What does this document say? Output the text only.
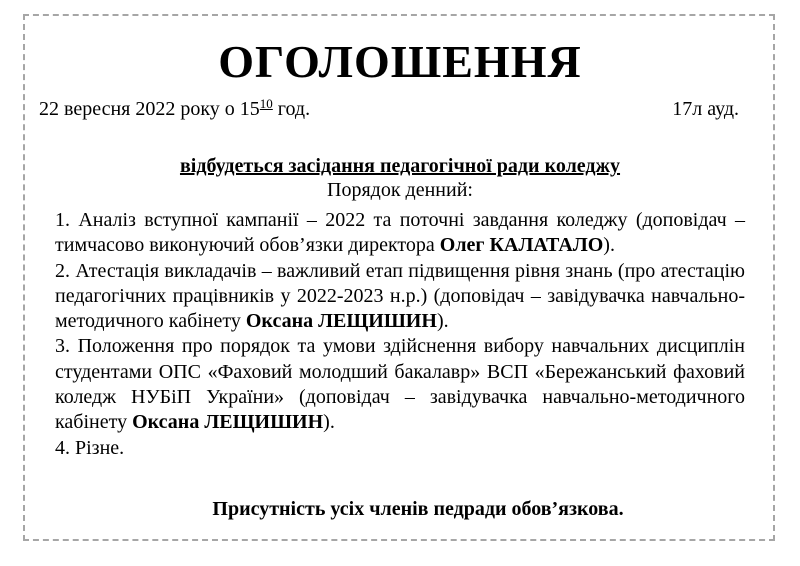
ОГОЛОШЕННЯ
22 вересня 2022 року о $15^{10}$ год.	17л ауд.
відбудеться засідання педагогічної ради коледжу
Порядок денний:
1. Аналіз вступної кампанії – 2022 та поточні завдання коледжу (доповідач – тимчасово виконуючий обов’язки директора Олег КАЛАТАЛО).
2. Атестація викладачів – важливий етап підвищення рівня знань (про атестацію педагогічних працівників у 2022-2023 н.р.) (доповідач – завідувачка навчально-методичного кабінету Оксана ЛЕЩИШИН).
3. Положення про порядок та умови здійснення вибору навчальних дисциплін студентами ОПС «Фаховий молодший бакалавр» ВСП «Бережанський фаховий коледж НУБіП України» (доповідач – завідувачка навчально-методичного кабінету Оксана ЛЕЩИШИН).
4. Різне.
Присутність усіх членів педради обов’язкова.
